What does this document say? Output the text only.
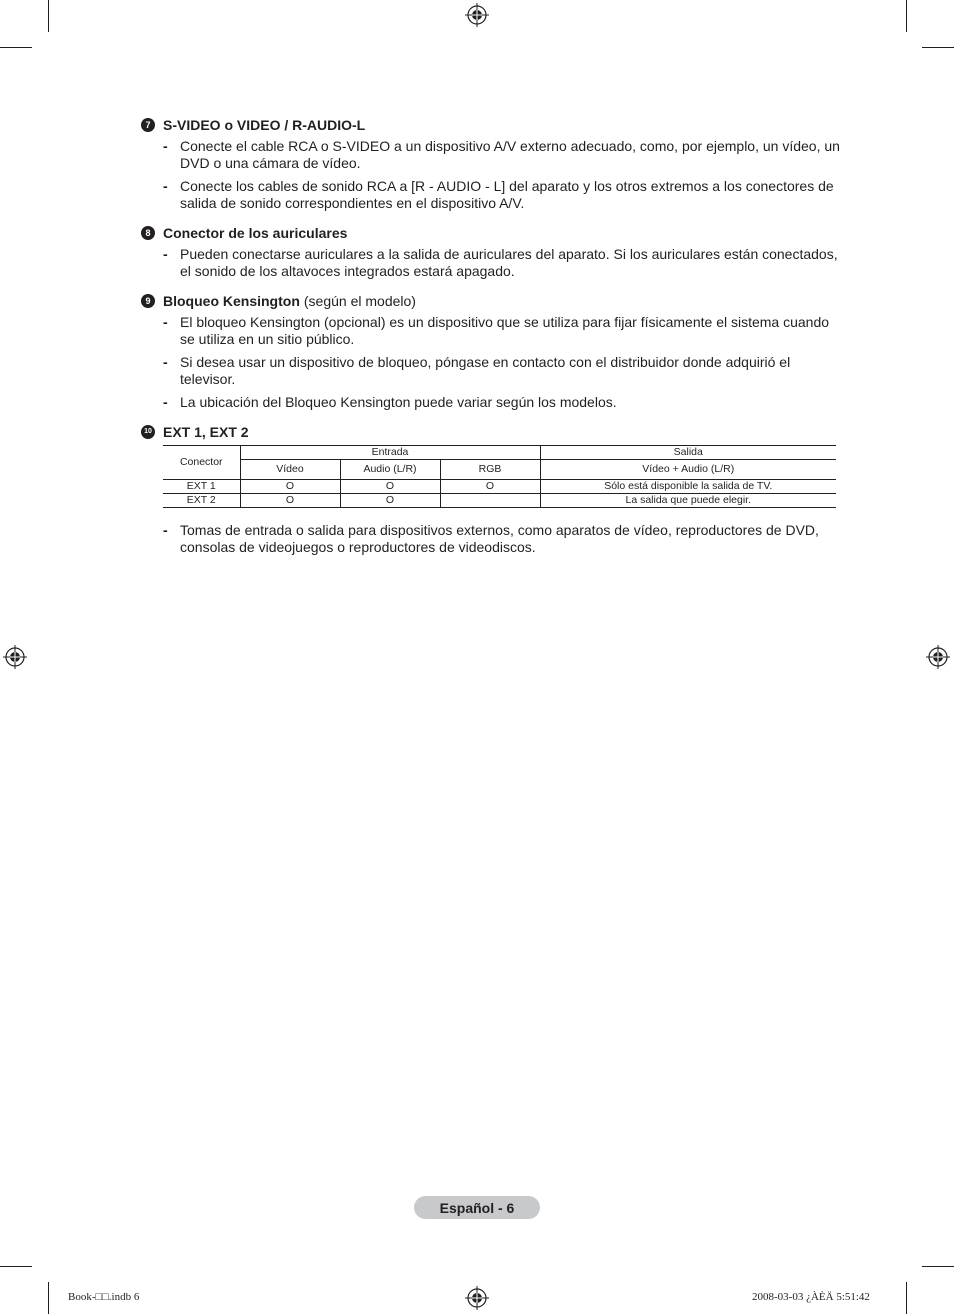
7 S-VIDEO o VIDEO / R-AUDIO-L
- Conecte el cable RCA o S-VIDEO a un dispositivo A/V externo adecuado, como, por ejemplo, un vídeo, un DVD o una cámara de vídeo.
- Conecte los cables de sonido RCA a [R - AUDIO - L] del aparato y los otros extremos a los conectores de salida de sonido correspondientes en el dispositivo A/V.
8 Conector de los auriculares
- Pueden conectarse auriculares a la salida de auriculares del aparato. Si los auriculares están conectados, el sonido de los altavoces integrados estará apagado.
9 Bloqueo Kensington (según el modelo)
- El bloqueo Kensington (opcional) es un dispositivo que se utiliza para fijar físicamente el sistema cuando se utiliza en un sitio público.
- Si desea usar un dispositivo de bloqueo, póngase en contacto con el distribuidor donde adquirió el televisor.
- La ubicación del Bloqueo Kensington puede variar según los modelos.
10 EXT 1, EXT 2
Conector	Entrada			Salida
	Vídeo	Audio (L/R)	RGB	Vídeo + Audio (L/R)
EXT 1	O	O	O	Sólo está disponible la salida de TV.
EXT 2	O	O		La salida que puede elegir.
- Tomas de entrada o salida para dispositivos externos, como aparatos de vídeo, reproductores de DVD, consolas de videojuegos o reproductores de videodiscos.
Español - 6
Book-□□.indb 6	2008-03-03 ¿ÀÈÄ 5:51:42
